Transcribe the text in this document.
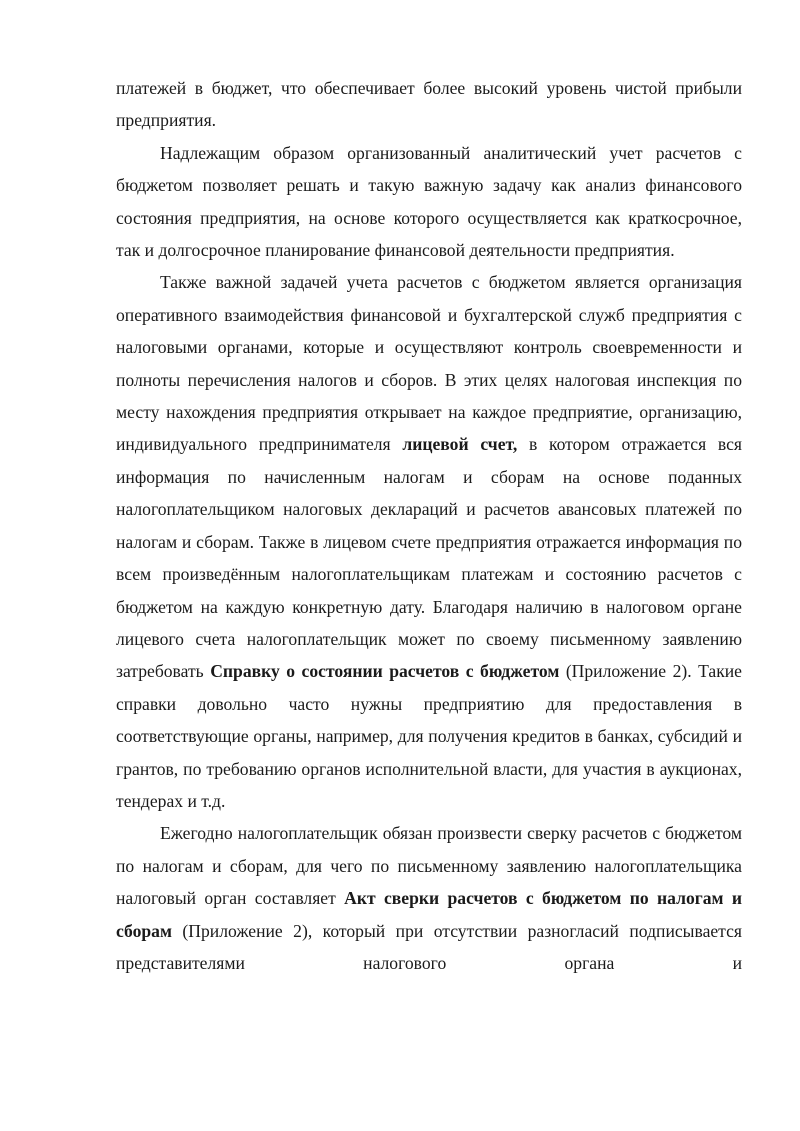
платежей в бюджет, что обеспечивает более высокий уровень чистой прибыли предприятия.

Надлежащим образом организованный аналитический учет расчетов с бюджетом позволяет решать и такую важную задачу как анализ финансового состояния предприятия, на основе которого осуществляется как краткосрочное, так и долгосрочное планирование финансовой деятельности предприятия.

Также важной задачей учета расчетов с бюджетом является организация оперативного взаимодействия финансовой и бухгалтерской служб предприятия с налоговыми органами, которые и осуществляют контроль своевременности и полноты перечисления налогов и сборов. В этих целях налоговая инспекция по месту нахождения предприятия открывает на каждое предприятие, организацию, индивидуального предпринимателя лицевой счет, в котором отражается вся информация по начисленным налогам и сборам на основе поданных налогоплательщиком налоговых деклараций и расчетов авансовых платежей по налогам и сборам. Также в лицевом счете предприятия отражается информация по всем произведённым налогоплательщикам платежам и состоянию расчетов с бюджетом на каждую конкретную дату. Благодаря наличию в налоговом органе лицевого счета налогоплательщик может по своему письменному заявлению затребовать Справку о состоянии расчетов с бюджетом (Приложение 2). Такие справки довольно часто нужны предприятию для предоставления в соответствующие органы, например, для получения кредитов в банках, субсидий и грантов, по требованию органов исполнительной власти, для участия в аукционах, тендерах и т.д.

Ежегодно налогоплательщик обязан произвести сверку расчетов с бюджетом по налогам и сборам, для чего по письменному заявлению налогоплательщика налоговый орган составляет Акт сверки расчетов с бюджетом по налогам и сборам (Приложение 2), который при отсутствии разногласий подписывается представителями налогового органа и
